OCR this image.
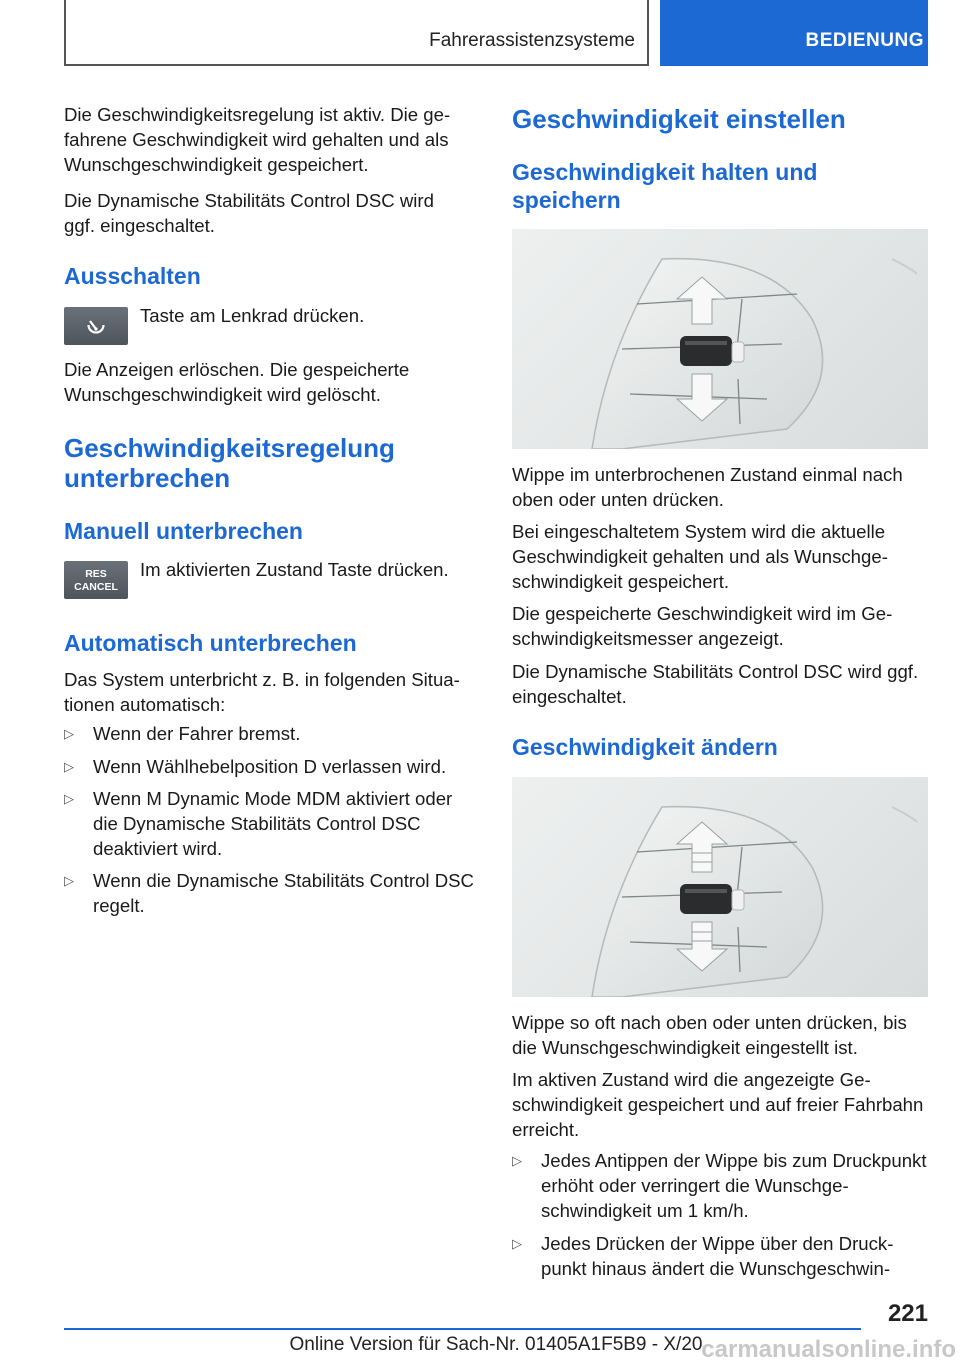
Fahrerassistenzsysteme	BEDIENUNG

Die Geschwindigkeitsregelung ist aktiv. Die gefahrene Geschwindigkeit wird gehalten und als Wunschgeschwindigkeit gespeichert.

Die Dynamische Stabilitäts Control DSC wird ggf. eingeschaltet.

Ausschalten

Taste am Lenkrad drücken.

Die Anzeigen erlöschen. Die gespeicherte Wunschgeschwindigkeit wird gelöscht.

Geschwindigkeitsregelung unterbrechen
Manuell unterbrechen
RES
CANCEL

Im aktivierten Zustand Taste drücken.

Automatisch unterbrechen

Das System unterbricht z. B. in folgenden Situationen automatisch:

▷ Wenn der Fahrer bremst.
▷ Wenn Wählhebelposition D verlassen wird.
▷ Wenn M Dynamic Mode MDM aktiviert oder die Dynamische Stabilitäts Control DSC deaktiviert wird.
▷ Wenn die Dynamische Stabilitäts Control DSC regelt.
Geschwindigkeit einstellen
Geschwindigkeit halten und speichern

Wippe im unterbrochenen Zustand einmal nach oben oder unten drücken.

Bei eingeschaltetem System wird die aktuelle Geschwindigkeit gehalten und als Wunschgeschwindigkeit gespeichert.

Die gespeicherte Geschwindigkeit wird im Geschwindigkeitsmesser angezeigt.

Die Dynamische Stabilitäts Control DSC wird ggf. eingeschaltet.

Geschwindigkeit ändern

Wippe so oft nach oben oder unten drücken, bis die Wunschgeschwindigkeit eingestellt ist.

Im aktiven Zustand wird die angezeigte Geschwindigkeit gespeichert und auf freier Fahrbahn erreicht.

▷ Jedes Antippen der Wippe bis zum Druckpunkt erhöht oder verringert die Wunschgeschwindigkeit um 1 km/h.
▷ Jedes Drücken der Wippe über den Druckpunkt hinaus ändert die Wunschgeschwin-
221
Online Version für Sach-Nr. 01405A1F5B9 - X/20
carmanualsonline.info
